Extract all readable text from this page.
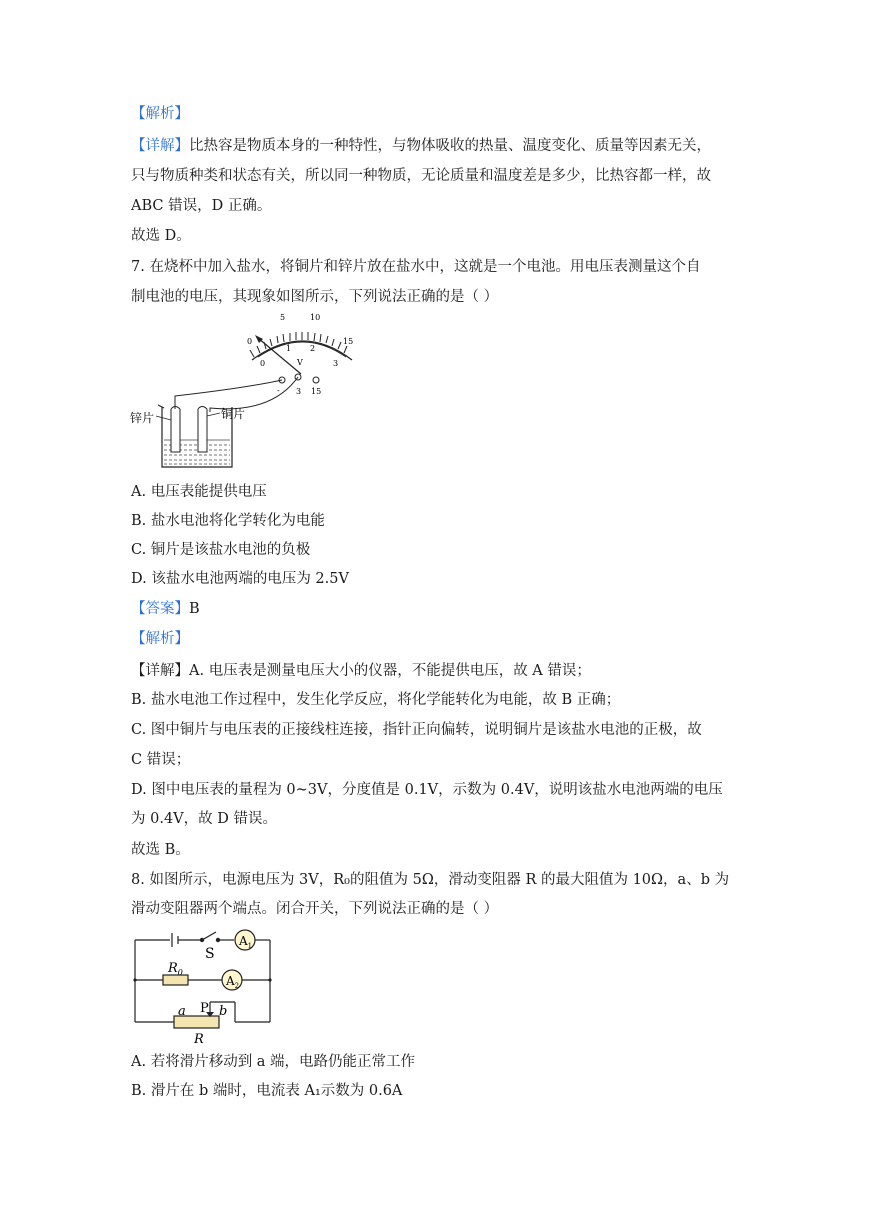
【解析】
【详解】比热容是物质本身的一种特性，与物体吸收的热量、温度变化、质量等因素无关，
只与物质种类和状态有关，所以同一种物质，无论质量和温度差是多少，比热容都一样，故
ABC 错误，D 正确。
故选 D。
7. 在烧杯中加入盐水，将铜片和锌片放在盐水中，这就是一个电池。用电压表测量这个自
制电池的电压，其现象如图所示，下列说法正确的是（ ）
0
5	10
15
0
1 2
3
V
- 3 15
锌片	铜片
A. 电压表能提供电压
B. 盐水电池将化学转化为电能
C. 铜片是该盐水电池的负极
D. 该盐水电池两端的电压为 2.5V
【答案】B
【解析】
【详解】A. 电压表是测量电压大小的仪器，不能提供电压，故 A 错误；
B. 盐水电池工作过程中，发生化学反应，将化学能转化为电能，故 B 正确；
C. 图中铜片与电压表的正接线柱连接，指针正向偏转，说明铜片是该盐水电池的正极，故
C 错误；
D. 图中电压表的量程为 0~3V，分度值是 0.1V，示数为 0.4V，说明该盐水电池两端的电压
为 0.4V，故 D 错误。
故选 B。
8. 如图所示，电源电压为 3V，R₀的阻值为 5Ω，滑动变阻器 R 的最大阻值为 10Ω，a、b 为
滑动变阻器两个端点。闭合开关，下列说法正确的是（ ）
S
$A_1$
$A_2$
$R_0$
P
a	b
R
A. 若将滑片移动到 a 端，电路仍能正常工作
B. 滑片在 b 端时，电流表 A₁示数为 0.6A
